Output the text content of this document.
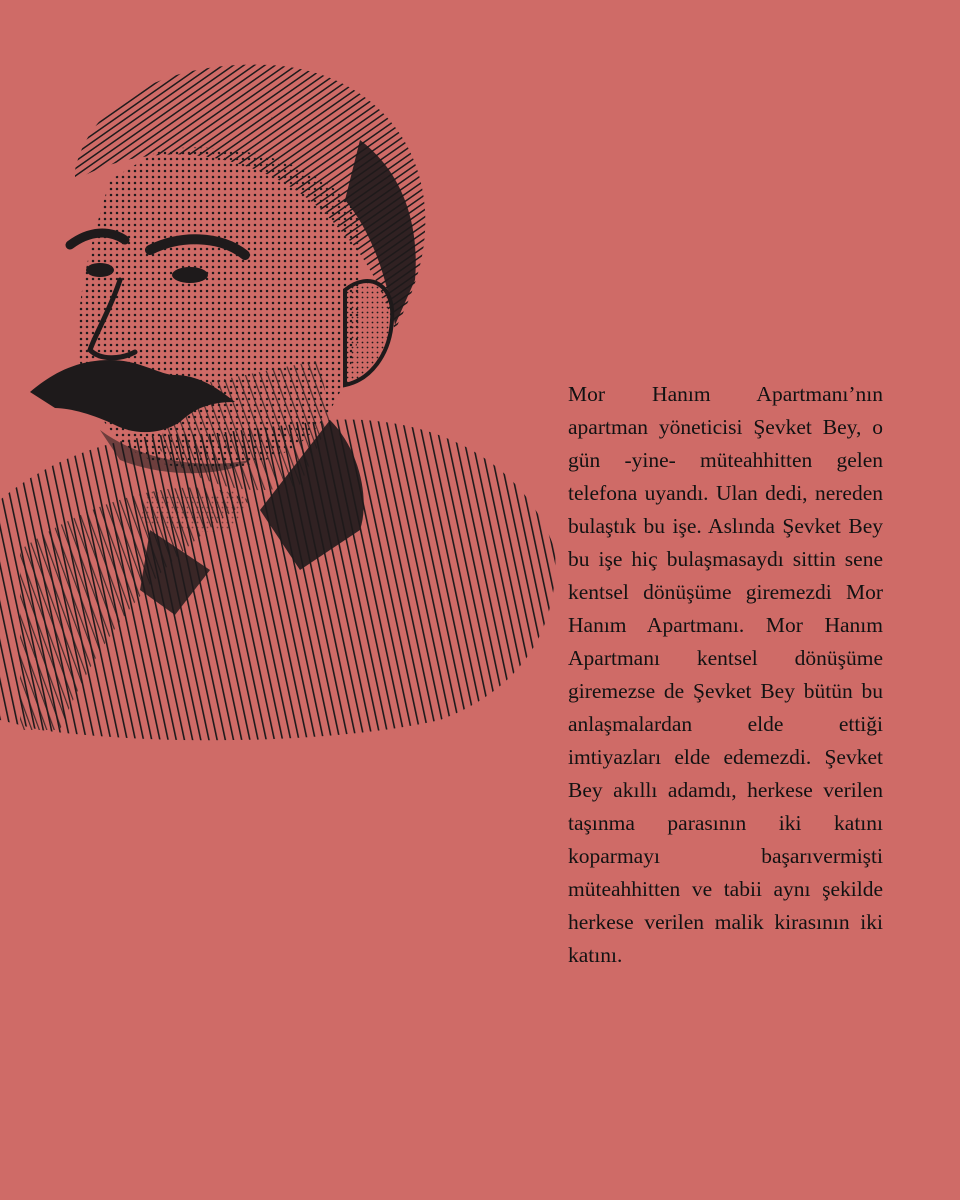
Mor Hanım Apartmanı’nın apartman yöneticisi Şevket Bey, o gün -yine- müteahhitten gelen telefona uyandı. Ulan dedi, nereden bulaştık bu işe. Aslında Şevket Bey bu işe hiç bulaşmasaydı sittin sene kentsel dönüşüme giremezdi Mor Hanım Apartmanı. Mor Hanım Apartmanı kentsel dönüşüme giremezse de Şevket Bey bütün bu anlaşmalardan elde ettiği imtiyazları elde edemezdi. Şevket Bey akıllı adamdı, herkese verilen taşınma parasının iki katını koparmayı başarıvermişti müteahhitten ve tabii aynı şekilde herkese verilen malik kirasının iki katını.
